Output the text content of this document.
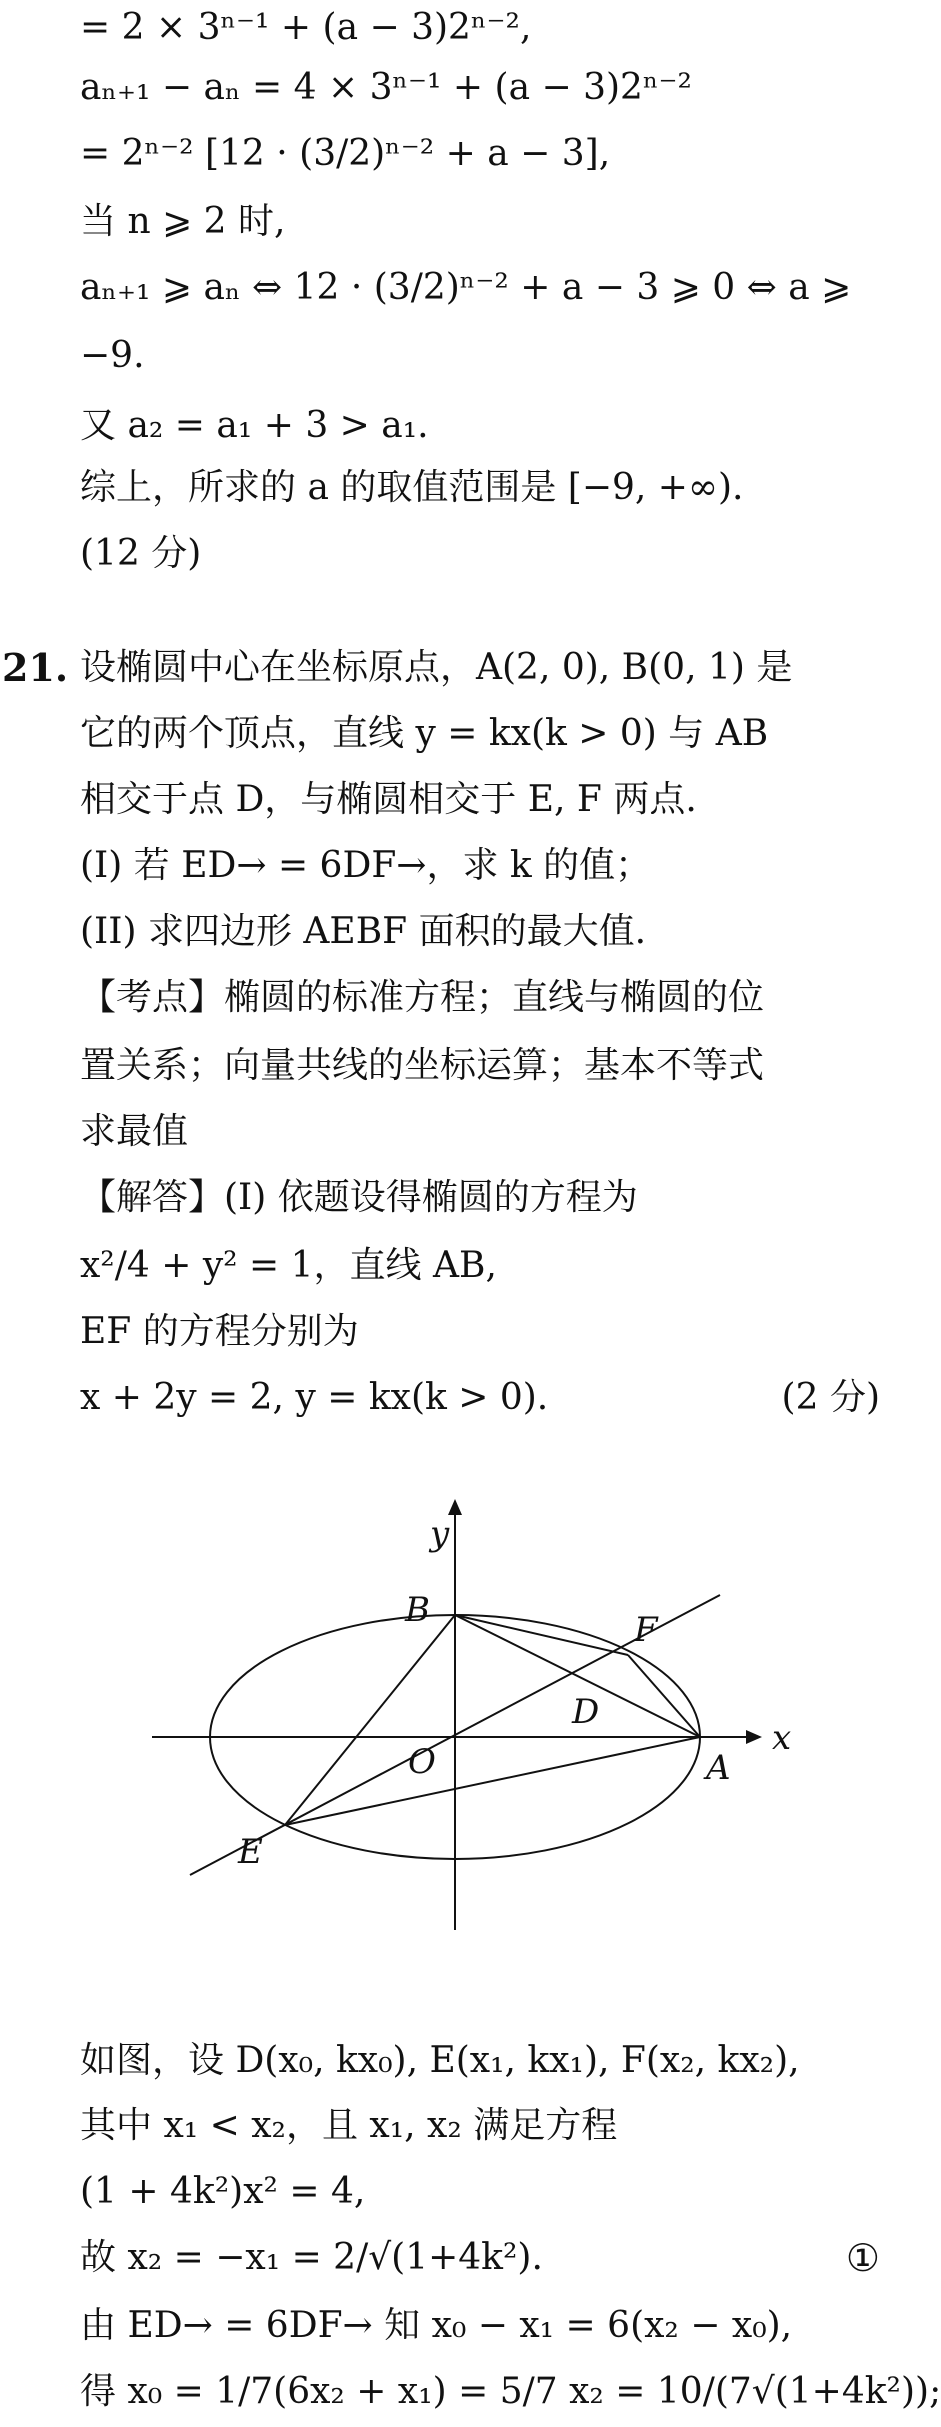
= 2 × 3ⁿ⁻¹ + (a − 3)2ⁿ⁻²,
aₙ₊₁ − aₙ = 4 × 3ⁿ⁻¹ + (a − 3)2ⁿ⁻²
= 2ⁿ⁻² [12 · (3/2)ⁿ⁻² + a − 3],
当 n ⩾ 2 时,
aₙ₊₁ ⩾ aₙ ⇔ 12 · (3/2)ⁿ⁻² + a − 3 ⩾ 0 ⇔ a ⩾
−9.
又 a₂ = a₁ + 3 > a₁.
综上，所求的 a 的取值范围是 [−9, +∞).
(12 分)
21. 设椭圆中心在坐标原点，A(2, 0), B(0, 1) 是
它的两个顶点，直线 y = kx(k > 0) 与 AB
相交于点 D，与椭圆相交于 E, F 两点.
(I) 若 ED→ = 6DF→，求 k 的值；
(II) 求四边形 AEBF 面积的最大值.
【考点】椭圆的标准方程；直线与椭圆的位
置关系；向量共线的坐标运算；基本不等式
求最值
【解答】(I) 依题设得椭圆的方程为
x²/4 + y² = 1，直线 AB,
EF 的方程分别为
x + 2y = 2, y = kx(k > 0).	(2 分)
y
x
B	F
D
O	A
E
如图，设 D(x₀, kx₀), E(x₁, kx₁), F(x₂, kx₂),
其中 x₁ < x₂，且 x₁, x₂ 满足方程
(1 + 4k²)x² = 4,
故 x₂ = −x₁ = 2/√(1+4k²).	①
由 ED→ = 6DF→ 知 x₀ − x₁ = 6(x₂ − x₀),
得 x₀ = 1/7(6x₂ + x₁) = 5/7 x₂ = 10/(7√(1+4k²));
